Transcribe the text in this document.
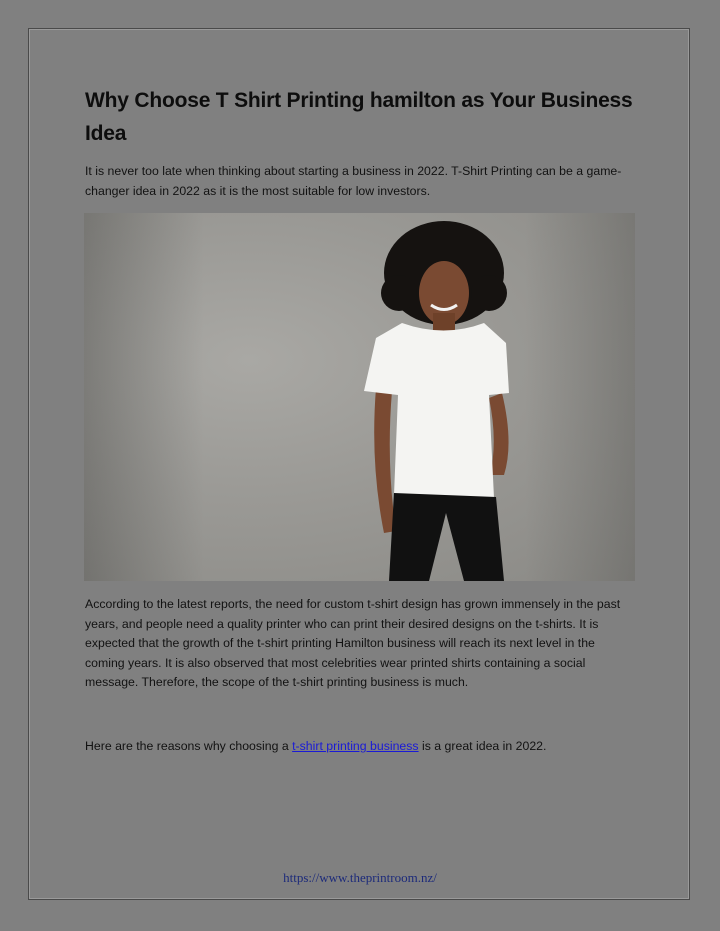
Why Choose T Shirt Printing hamilton as Your Business Idea
It is never too late when thinking about starting a business in 2022. T-Shirt Printing can be a game-changer idea in 2022 as it is the most suitable for low investors.
According to the latest reports, the need for custom t-shirt design has grown immensely in the past years, and people need a quality printer who can print their desired designs on the t-shirts. It is expected that the growth of the t-shirt printing Hamilton business will reach its next level in the coming years. It is also observed that most celebrities wear printed shirts containing a social message. Therefore, the scope of the t-shirt printing business is much.
Here are the reasons why choosing a t-shirt printing business is a great idea in 2022.
https://www.theprintroom.nz/
